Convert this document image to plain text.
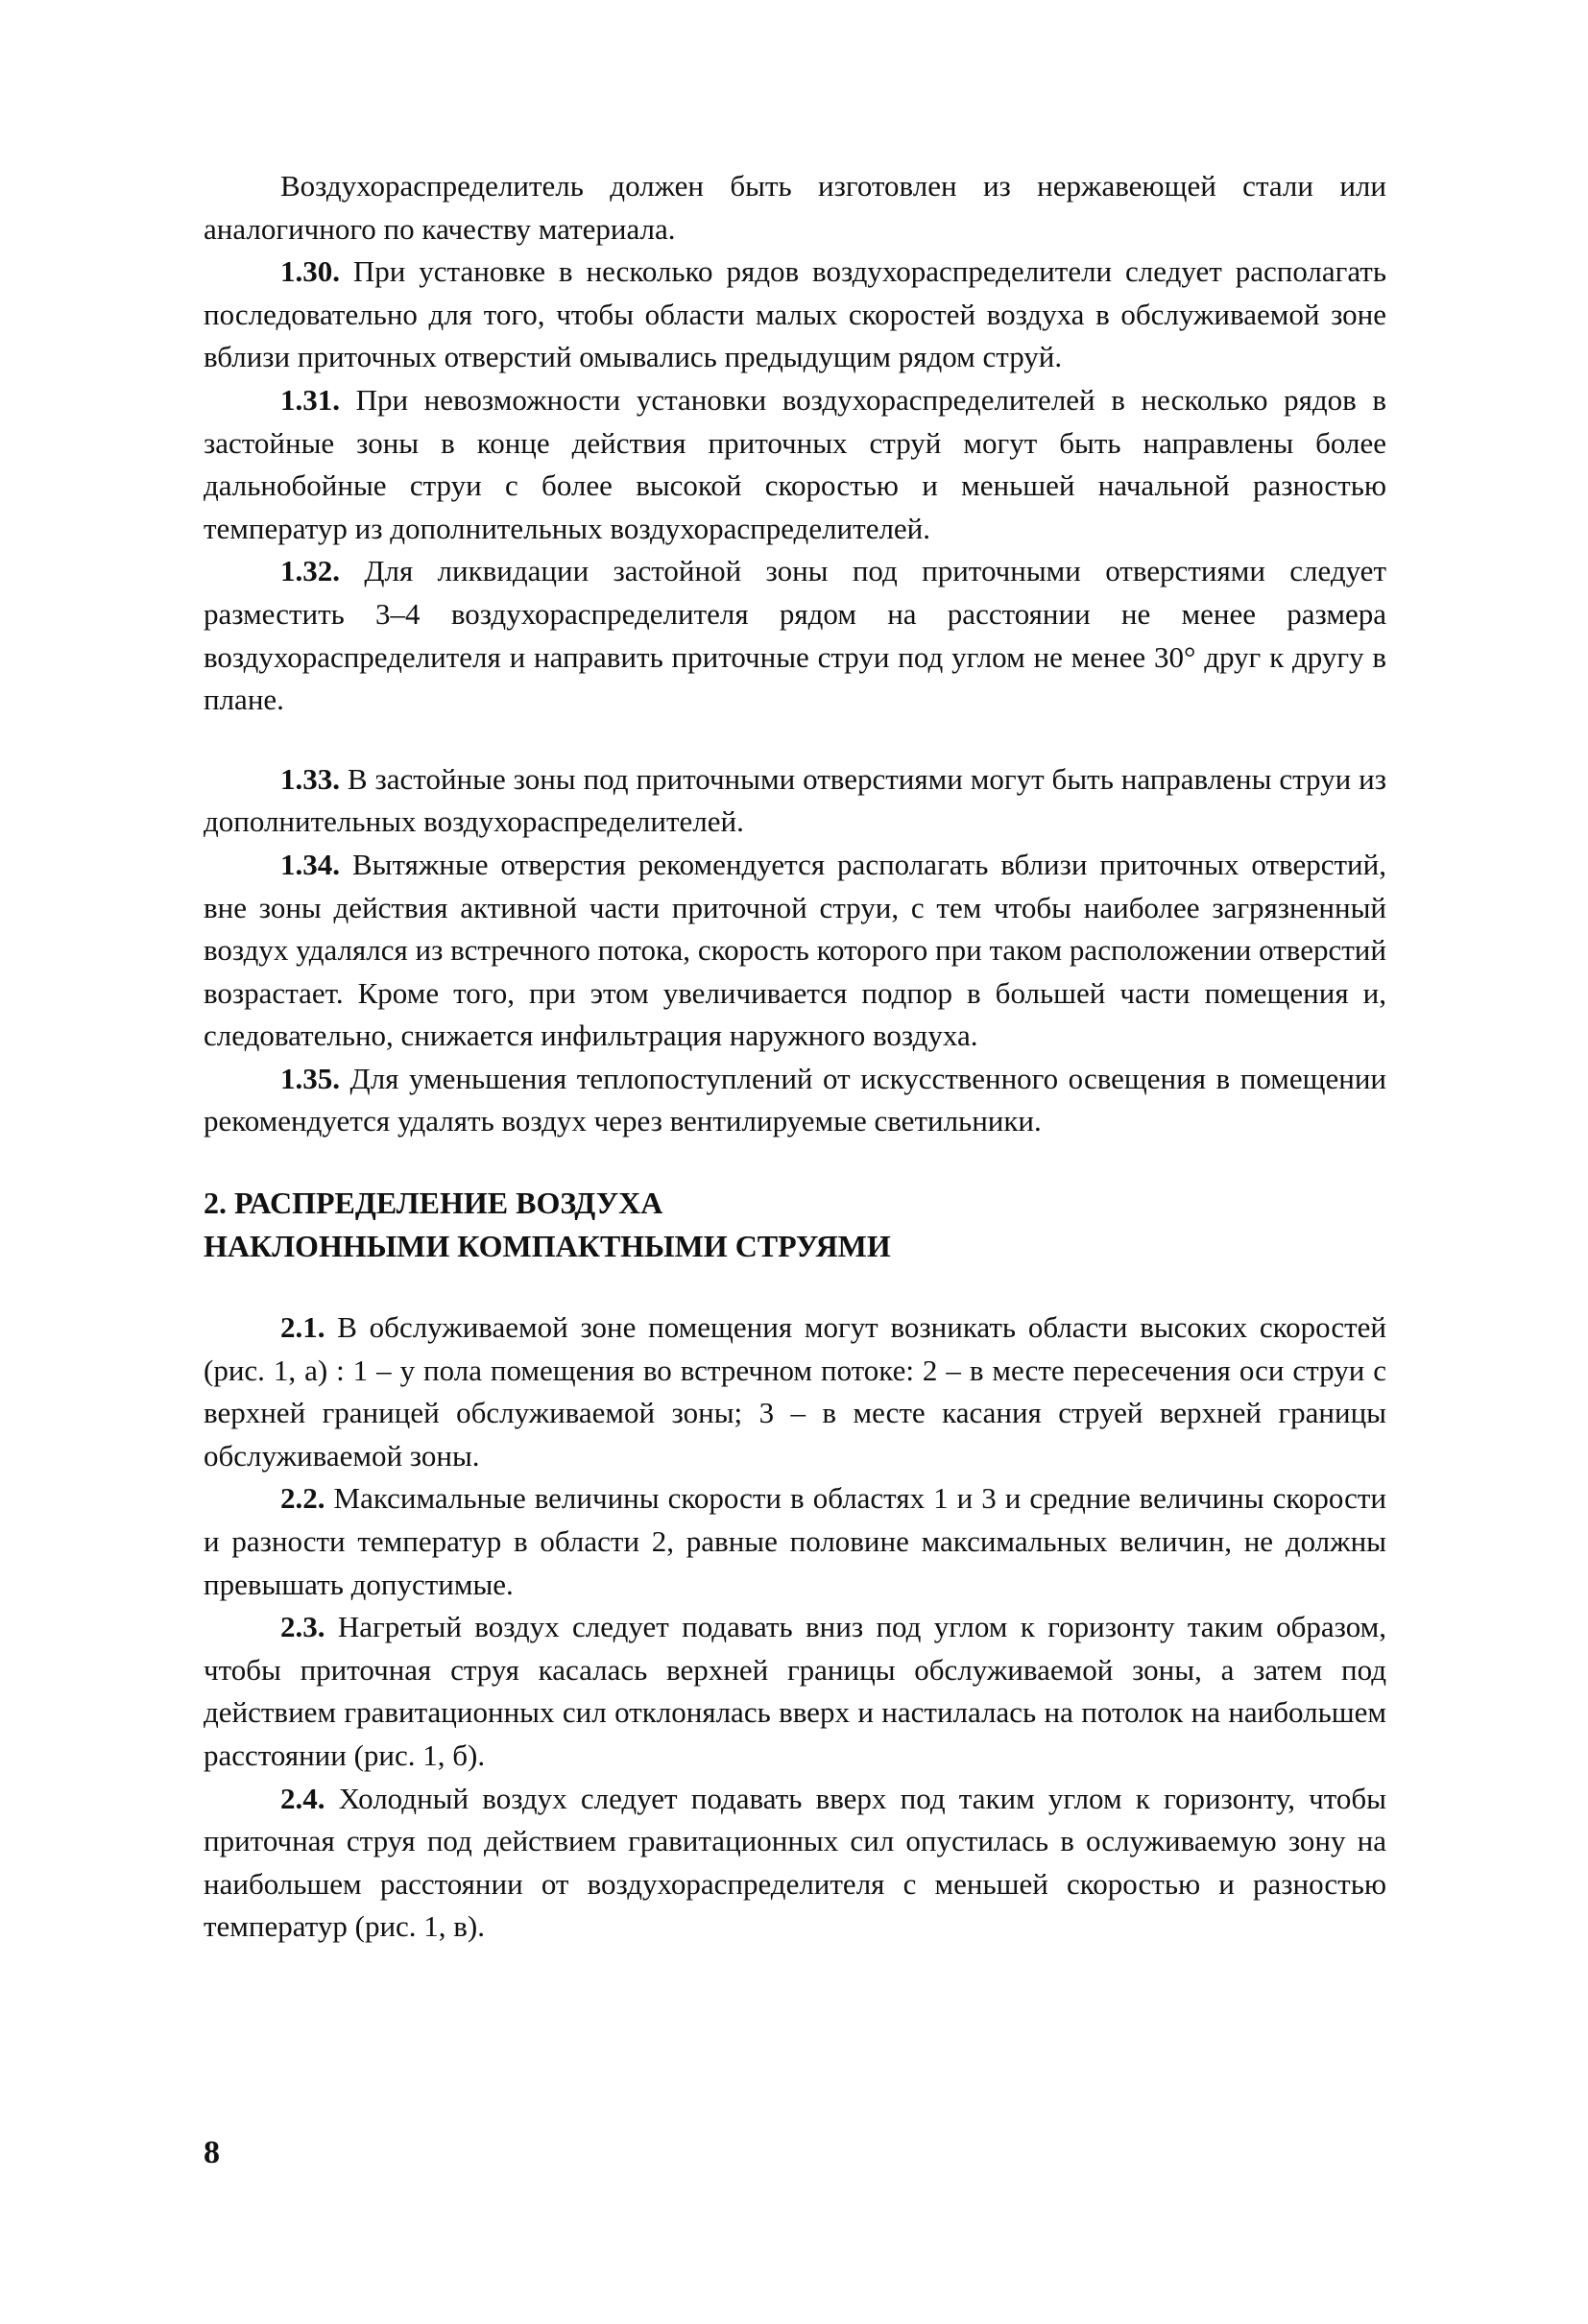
Воздухораспределитель должен быть изготовлен из нержавеющей стали или аналогичного по качеству материала.

1.30. При установке в несколько рядов воздухораспределители следует располагать последовательно для того, чтобы области малых скоростей воздуха в обслуживаемой зоне вблизи приточных отверстий омывались предыдущим рядом струй.

1.31. При невозможности установки воздухораспределителей в несколько рядов в застойные зоны в конце действия приточных струй могут быть направлены более дальнобойные струи с более высокой скоростью и меньшей начальной разностью температур из дополнительных воздухораспределителей.

1.32. Для ликвидации застойной зоны под приточными отверстиями следует разместить 3–4 воздухораспределителя рядом на расстоянии не менее размера воздухораспределителя и направить приточные струи под углом не менее 30° друг к другу в плане.

1.33. В застойные зоны под приточными отверстиями могут быть направлены струи из дополнительных воздухораспределителей.

1.34. Вытяжные отверстия рекомендуется располагать вблизи приточных отверстий, вне зоны действия активной части приточной струи, с тем чтобы наиболее загрязненный воздух удалялся из встречного потока, скорость которого при таком расположении отверстий возрастает. Кроме того, при этом увеличивается подпор в большей части помещения и, следовательно, снижается инфильтрация наружного воздуха.

1.35. Для уменьшения теплопоступлений от искусственного освещения в помещении рекомендуется удалять воздух через вентилируемые светильники.

2. РАСПРЕДЕЛЕНИЕ ВОЗДУХА
НАКЛОННЫМИ КОМПАКТНЫМИ СТРУЯМИ

2.1. В обслуживаемой зоне помещения могут возникать области высоких скоростей (рис. 1, а) : 1 – у пола помещения во встречном потоке: 2 – в месте пересечения оси струи с верхней границей обслуживаемой зоны; 3 – в месте касания струей верхней границы обслуживаемой зоны.

2.2. Максимальные величины скорости в областях 1 и 3 и средние величины скорости и разности температур в области 2, равные половине максимальных величин, не должны превышать допустимые.

2.3. Нагретый воздух следует подавать вниз под углом к горизонту таким образом, чтобы приточная струя касалась верхней границы обслуживаемой зоны, а затем под действием гравитационных сил отклонялась вверх и настилалась на потолок на наибольшем расстоянии (рис. 1, б).

2.4. Холодный воздух следует подавать вверх под таким углом к горизонту, чтобы приточная струя под действием гравитационных сил опустилась в ослуживаемую зону на наибольшем расстоянии от воздухораспределителя с меньшей скоростью и разностью температур (рис. 1, в).

8
